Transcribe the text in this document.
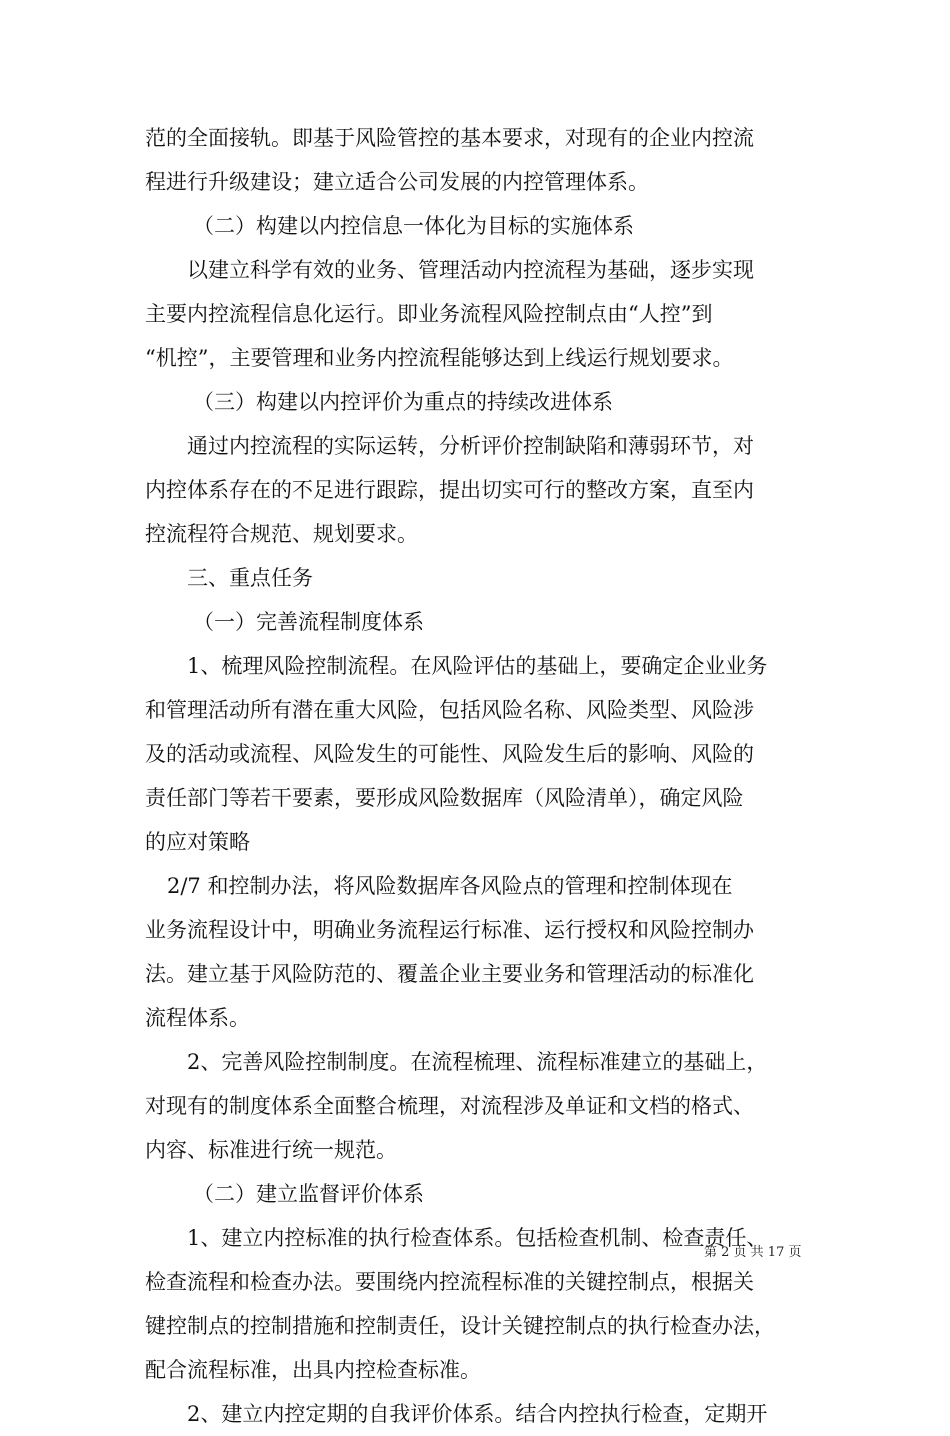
范的全面接轨。即基于风险管控的基本要求，对现有的企业内控流
程进行升级建设；建立适合公司发展的内控管理体系。
（二）构建以内控信息一体化为目标的实施体系
以建立科学有效的业务、管理活动内控流程为基础，逐步实现
主要内控流程信息化运行。即业务流程风险控制点由“人控”到
“机控”，主要管理和业务内控流程能够达到上线运行规划要求。
（三）构建以内控评价为重点的持续改进体系
通过内控流程的实际运转，分析评价控制缺陷和薄弱环节，对
内控体系存在的不足进行跟踪，提出切实可行的整改方案，直至内
控流程符合规范、规划要求。
三、重点任务
（一）完善流程制度体系
1、梳理风险控制流程。在风险评估的基础上，要确定企业业务
和管理活动所有潜在重大风险，包括风险名称、风险类型、风险涉
及的活动或流程、风险发生的可能性、风险发生后的影响、风险的
责任部门等若干要素，要形成风险数据库（风险清单），确定风险
的应对策略
2/7 和控制办法，将风险数据库各风险点的管理和控制体现在
业务流程设计中，明确业务流程运行标准、运行授权和风险控制办
法。建立基于风险防范的、覆盖企业主要业务和管理活动的标准化
流程体系。
2、完善风险控制制度。在流程梳理、流程标准建立的基础上，
对现有的制度体系全面整合梳理，对流程涉及单证和文档的格式、
内容、标准进行统一规范。
（二）建立监督评价体系
1、建立内控标准的执行检查体系。包括检查机制、检查责任、
检查流程和检查办法。要围绕内控流程标准的关键控制点，根据关
键控制点的控制措施和控制责任，设计关键控制点的执行检查办法，
配合流程标准，出具内控检查标准。
2、建立内控定期的自我评价体系。结合内控执行检查，定期开
第 2 页 共 17 页
